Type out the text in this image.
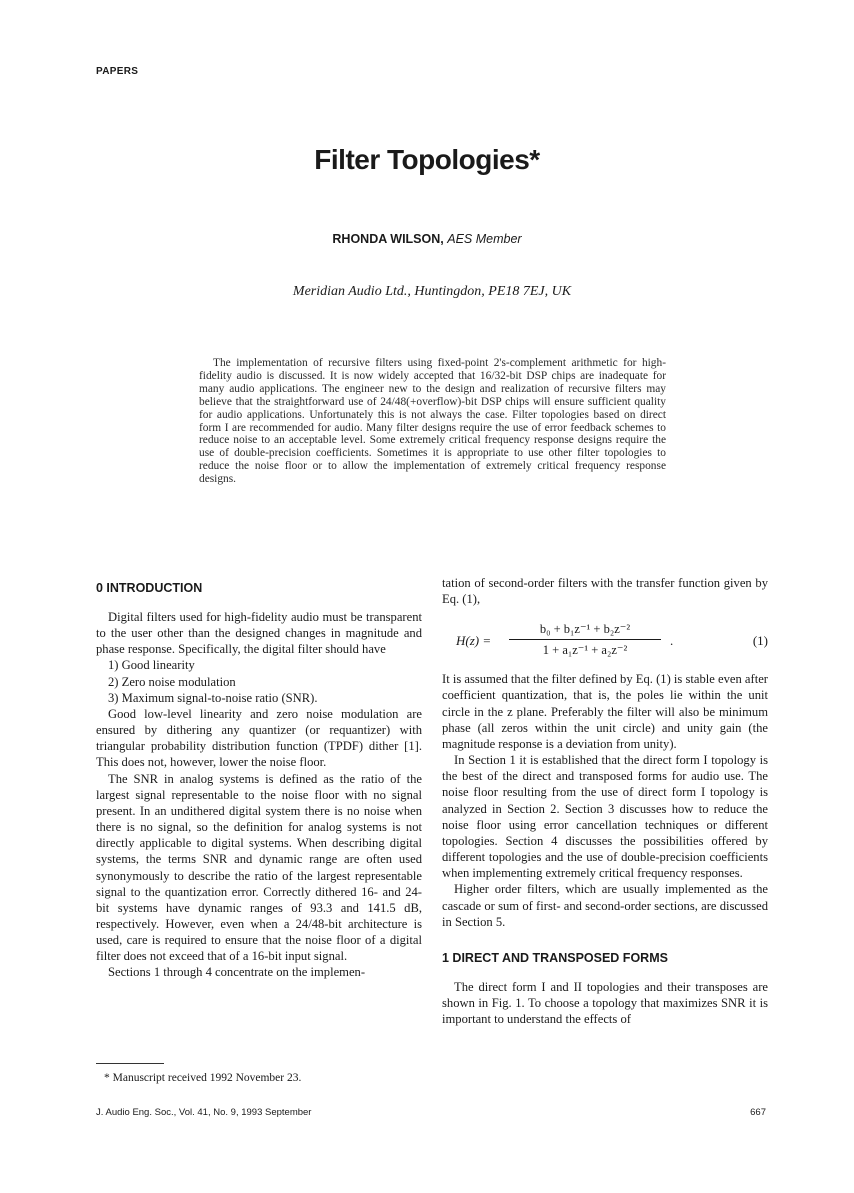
PAPERS
Filter Topologies*
RHONDA WILSON, AES Member
Meridian Audio Ltd., Huntingdon, PE18 7EJ, UK
The implementation of recursive filters using fixed-point 2's-complement arithmetic for high-fidelity audio is discussed. It is now widely accepted that 16/32-bit DSP chips are inadequate for many audio applications. The engineer new to the design and realization of recursive filters may believe that the straightforward use of 24/48(+overflow)-bit DSP chips will ensure sufficient quality for audio applications. Unfortunately this is not always the case. Filter topologies based on direct form I are recommended for audio. Many filter designs require the use of error feedback schemes to reduce noise to an acceptable level. Some extremely critical frequency response designs require the use of double-precision coefficients. Sometimes it is appropriate to use other filter topologies to reduce the noise floor or to allow the implementation of extremely critical frequency response designs.
0 INTRODUCTION

Digital filters used for high-fidelity audio must be transparent to the user other than the designed changes in magnitude and phase response. Specifically, the digital filter should have

1) Good linearity

2) Zero noise modulation

3) Maximum signal-to-noise ratio (SNR).

Good low-level linearity and zero noise modulation are ensured by dithering any quantizer (or requantizer) with triangular probability distribution function (TPDF) dither [1]. This does not, however, lower the noise floor.

The SNR in analog systems is defined as the ratio of the largest signal representable to the noise floor with no signal present. In an undithered digital system there is no noise when there is no signal, so the definition for analog systems is not directly applicable to digital systems. When describing digital systems, the terms SNR and dynamic range are often used synonymously to describe the ratio of the largest representable signal to the quantization error. Correctly dithered 16- and 24-bit systems have dynamic ranges of 93.3 and 141.5 dB, respectively. However, even when a 24/48-bit architecture is used, care is required to ensure that the noise floor of a digital filter does not exceed that of a 16-bit input signal.

Sections 1 through 4 concentrate on the implemen-

tation of second-order filters with the transfer function given by Eq. (1),

H(z) =
b₀ + b₁z⁻¹ + b₂z⁻²
1 + a₁z⁻¹ + a₂z⁻²
.	(1)

It is assumed that the filter defined by Eq. (1) is stable even after coefficient quantization, that is, the poles lie within the unit circle in the z plane. Preferably the filter will also be minimum phase (all zeros within the unit circle) and unity gain (the magnitude response is a deviation from unity).

In Section 1 it is established that the direct form I topology is the best of the direct and transposed forms for audio use. The noise floor resulting from the use of direct form I topology is analyzed in Section 2. Section 3 discusses how to reduce the noise floor using error cancellation techniques or different topologies. Section 4 discusses the possibilities offered by different topologies and the use of double-precision coefficients when implementing extremely critical frequency responses.

Higher order filters, which are usually implemented as the cascade or sum of first- and second-order sections, are discussed in Section 5.

1 DIRECT AND TRANSPOSED FORMS

The direct form I and II topologies and their transposes are shown in Fig. 1. To choose a topology that maximizes SNR it is important to understand the effects of

* Manuscript received 1992 November 23.
J. Audio Eng. Soc., Vol. 41, No. 9, 1993 September	667
